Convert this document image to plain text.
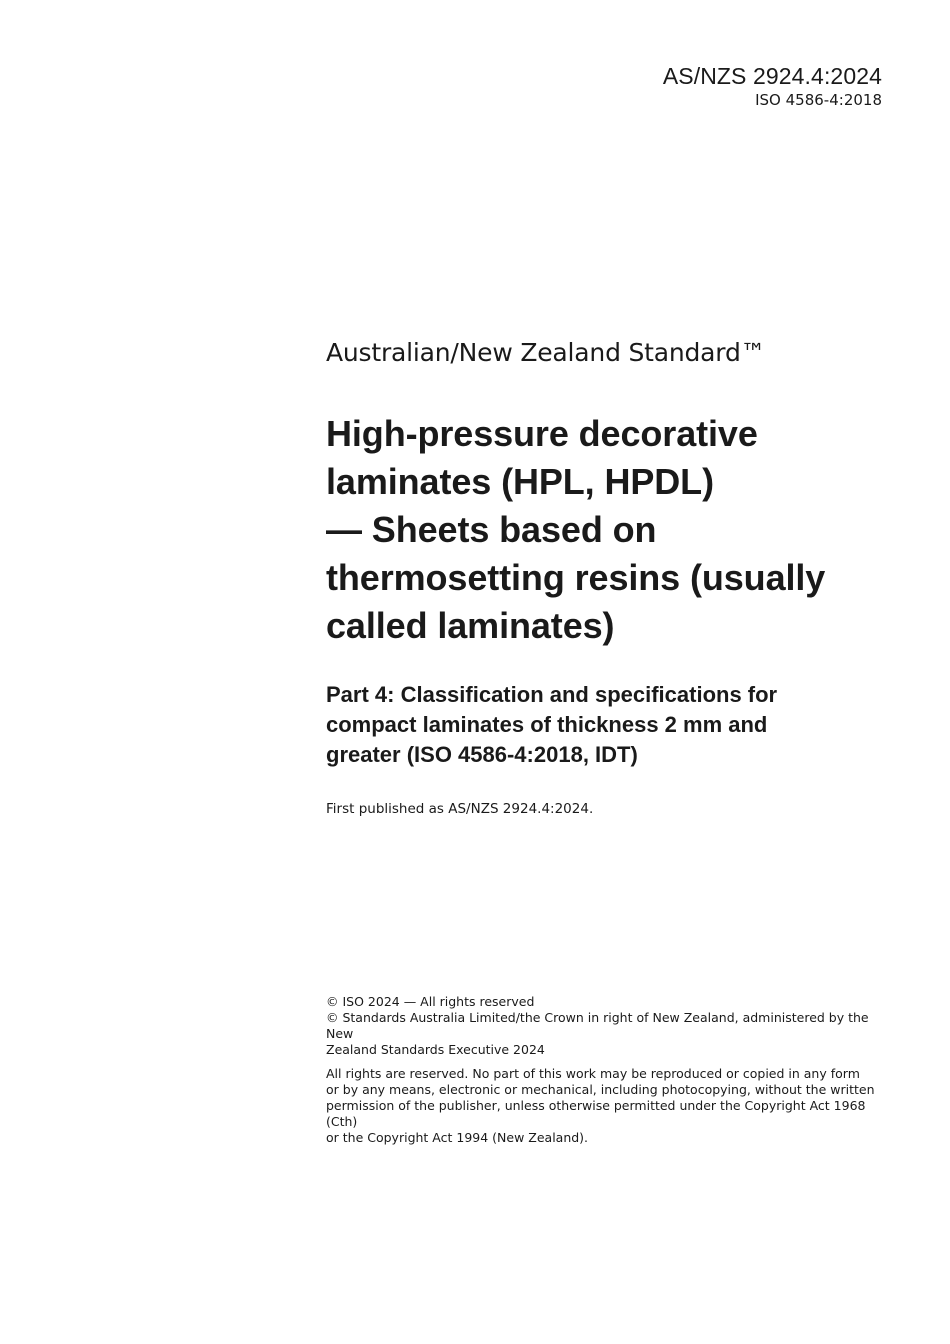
AS/NZS 2924.4:2024
ISO 4586-4:2018

Australian/New Zealand Standard™

High-pressure decorative
laminates (HPL, HPDL)
— Sheets based on
thermosetting resins (usually
called laminates)
Part 4: Classification and specifications for
compact laminates of thickness 2 mm and
greater (ISO 4586-4:2018, IDT)

First published as AS/NZS 2924.4:2024.

© ISO 2024 — All rights reserved

© Standards Australia Limited/the Crown in right of New Zealand, administered by the New
Zealand Standards Executive 2024

All rights are reserved. No part of this work may be reproduced or copied in any form
or by any means, electronic or mechanical, including photocopying, without the written
permission of the publisher, unless otherwise permitted under the Copyright Act 1968 (Cth)
or the Copyright Act 1994 (New Zealand).
